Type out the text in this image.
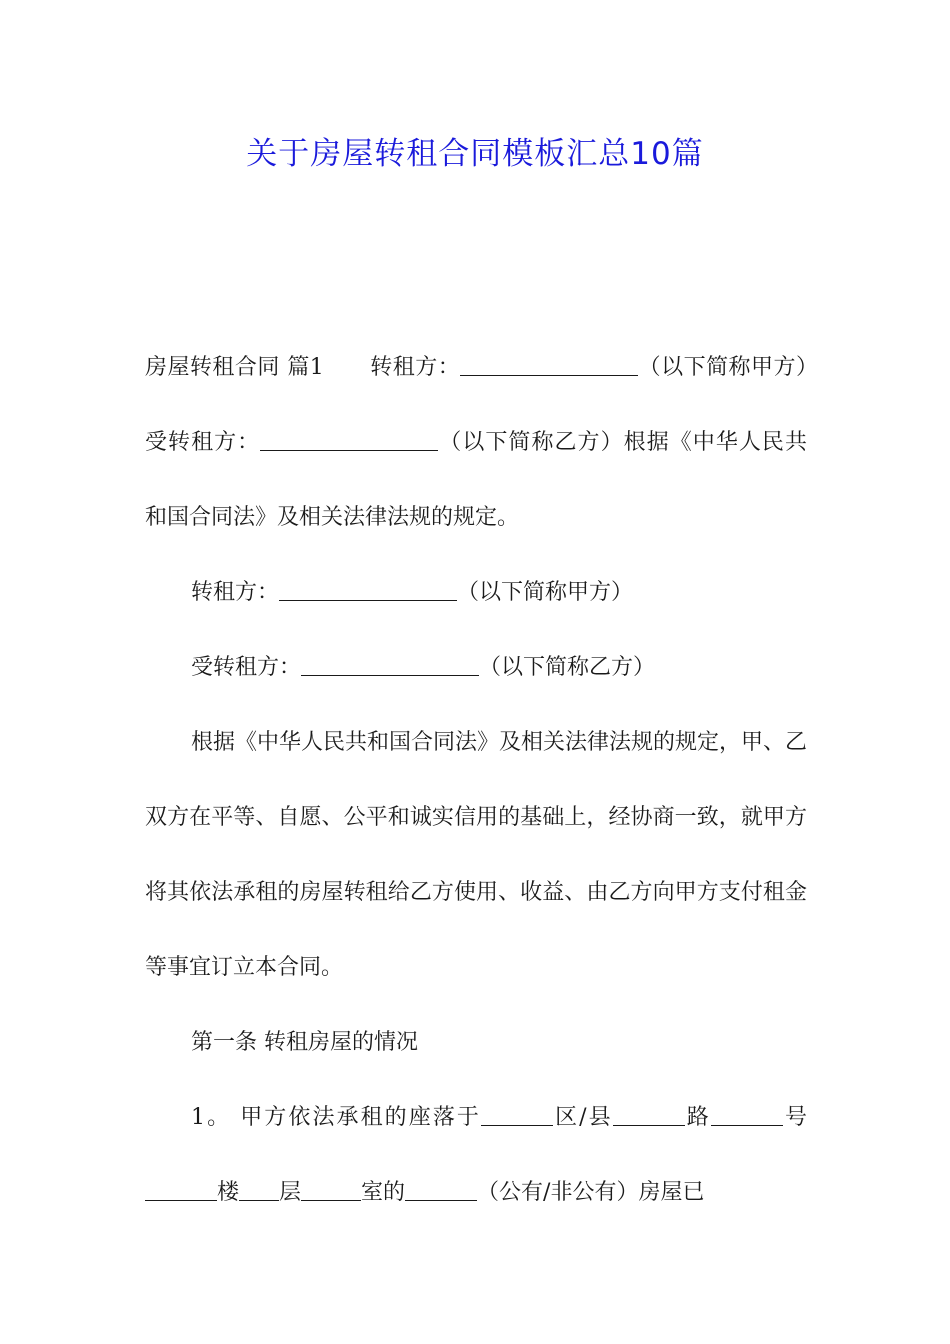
关于房屋转租合同模板汇总10篇

房屋转租合同 篇1 转租方：	（以下简称甲方）受转租方：	（以下简称乙方）根据《中华人民共和国合同法》及相关法律法规的规定。

转租方：	（以下简称甲方）

受转租方：	（以下简称乙方）

根据《中华人民共和国合同法》及相关法律法规的规定，甲、乙双方在平等、自愿、公平和诚实信用的基础上，经协商一致，就甲方将其依法承租的房屋转租给乙方使用、收益、由乙方向甲方支付租金等事宜订立本合同。

第一条 转租房屋的情况

1。 甲方依法承租的座落于	区/县	路	号楼 层	室的	（公有/非公有）房屋已
